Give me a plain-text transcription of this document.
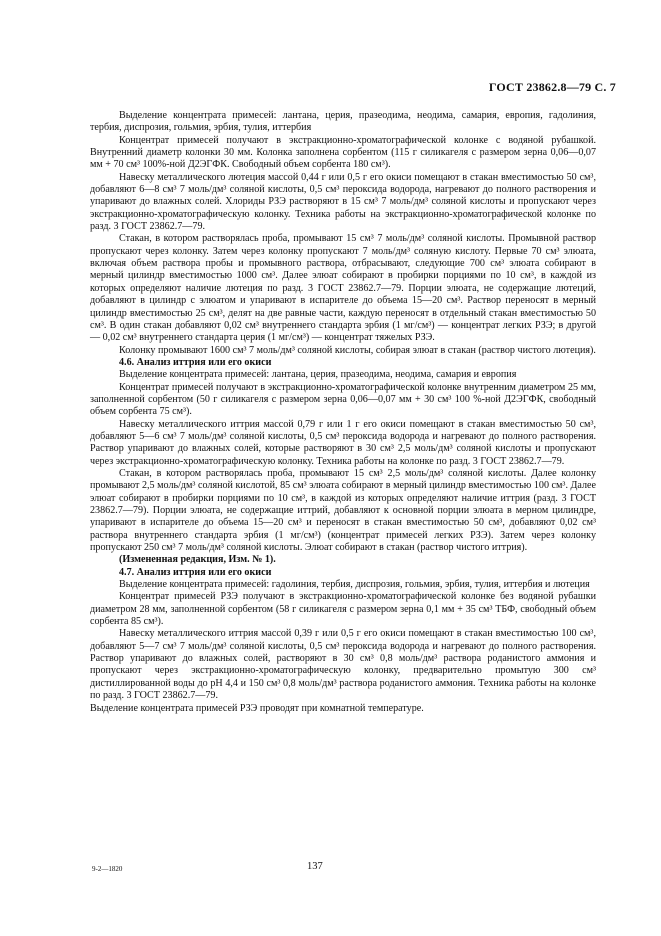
ГОСТ 23862.8—79 С. 7

Выделение концентрата примесей: лантана, церия, празеодима, неодима, самария, европия, гадолиния, тербия, диспрозия, гольмия, эрбия, тулия, иттербия

Концентрат примесей получают в экстракционно-хроматографической колонке с водяной рубашкой. Внутренний диаметр колонки 30 мм. Колонка заполнена сорбентом (115 г силикагеля с размером зерна 0,06—0,07 мм + 70 см³ 100%-ной Д2ЭГФК. Свободный объем сорбента 180 см³).

Навеску металлического лютеция массой 0,44 г или 0,5 г его окиси помещают в стакан вместимостью 50 см³, добавляют 6—8 см³ 7 моль/дм³ соляной кислоты, 0,5 см³ пероксида водорода, нагревают до полного растворения и упаривают до влажных солей. Хлориды РЗЭ растворяют в 15 см³ 7 моль/дм³ соляной кислоты и пропускают через экстракционно-хроматографическую колонку. Техника работы на экстракционно-хроматографической колонке по разд. 3 ГОСТ 23862.7—79.

Стакан, в котором растворялась проба, промывают 15 см³ 7 моль/дм³ соляной кислоты. Промывной раствор пропускают через колонку. Затем через колонку пропускают 7 моль/дм³ соляную кислоту. Первые 70 см³ элюата, включая объем раствора пробы и промывного раствора, отбрасывают, следующие 700 см³ элюата собирают в мерный цилиндр вместимостью 1000 см³. Далее элюат собирают в пробирки порциями по 10 см³, в каждой из которых определяют наличие лютеция по разд. 3 ГОСТ 23862.7—79. Порции элюата, не содержащие лютеций, добавляют в цилиндр с элюатом и упаривают в испарителе до объема 15—20 см³. Раствор переносят в мерный цилиндр вместимостью 25 см³, делят на две равные части, каждую переносят в отдельный стакан вместимостью 50 см³. В один стакан добавляют 0,02 см³ внутреннего стандарта эрбия (1 мг/см³) — концентрат легких РЗЭ; в другой — 0,02 см³ внутреннего стандарта церия (1 мг/см³) — концентрат тяжелых РЗЭ.

Колонку промывают 1600 см³ 7 моль/дм³ соляной кислоты, собирая элюат в стакан (раствор чистого лютеция).

4.6. Анализ иттрия или его окиси

Выделение концентрата примесей: лантана, церия, празеодима, неодима, самария и европия

Концентрат примесей получают в экстракционно-хроматографической колонке внутренним диаметром 25 мм, заполненной сорбентом (50 г силикагеля с размером зерна 0,06—0,07 мм + 30 см³ 100 %-ной Д2ЭГФК, свободный объем сорбента 75 см³).

Навеску металлического иттрия массой 0,79 г или 1 г его окиси помещают в стакан вместимостью 50 см³, добавляют 5—6 см³ 7 моль/дм³ соляной кислоты, 0,5 см³ пероксида водорода и нагревают до полного растворения. Раствор упаривают до влажных солей, которые растворяют в 30 см³ 2,5 моль/дм³ соляной кислоты и пропускают через экстракционно-хроматографическую колонку. Техника работы на колонке по разд. 3 ГОСТ 23862.7—79.

Стакан, в котором растворялась проба, промывают 15 см³ 2,5 моль/дм³ соляной кислоты. Далее колонку промывают 2,5 моль/дм³ соляной кислотой, 85 см³ элюата собирают в мерный цилиндр вместимостью 100 см³. Далее элюат собирают в пробирки порциями по 10 см³, в каждой из которых определяют наличие иттрия (разд. 3 ГОСТ 23862.7—79). Порции элюата, не содержащие иттрий, добавляют к основной порции элюата в мерном цилиндре, упаривают в испарителе до объема 15—20 см³ и переносят в стакан вместимостью 50 см³, добавляют 0,02 см³ раствора внутреннего стандарта эрбия (1 мг/см³) (концентрат примесей легких РЗЭ). Затем через колонку пропускают 250 см³ 7 моль/дм³ соляной кислоты. Элюат собирают в стакан (раствор чистого иттрия).

(Измененная редакция, Изм. № 1).

4.7. Анализ иттрия или его окиси

Выделение концентрата примесей: гадолиния, тербия, диспрозия, гольмия, эрбия, тулия, иттербия и лютеция

Концентрат примесей РЗЭ получают в экстракционно-хроматографической колонке без водяной рубашки диаметром 28 мм, заполненной сорбентом (58 г силикагеля с размером зерна 0,1 мм + 35 см³ ТБФ, свободный объем сорбента 85 см³).

Навеску металлического иттрия массой 0,39 г или 0,5 г его окиси помещают в стакан вместимостью 100 см³, добавляют 5—7 см³ 7 моль/дм³ соляной кислоты, 0,5 см³ пероксида водорода и нагревают до полного растворения. Раствор упаривают до влажных солей, растворяют в 30 см³ 0,8 моль/дм³ раствора роданистого аммония и пропускают через экстракционно-хроматографическую колонку, предварительно промытую 300 см³ дистиллированной воды до pH 4,4 и 150 см³ 0,8 моль/дм³ раствора роданистого аммония. Техника работы на колонке по разд. 3 ГОСТ 23862.7—79.

Выделение концентрата примесей РЗЭ проводят при комнатной температуре.

9-2—1820	137
